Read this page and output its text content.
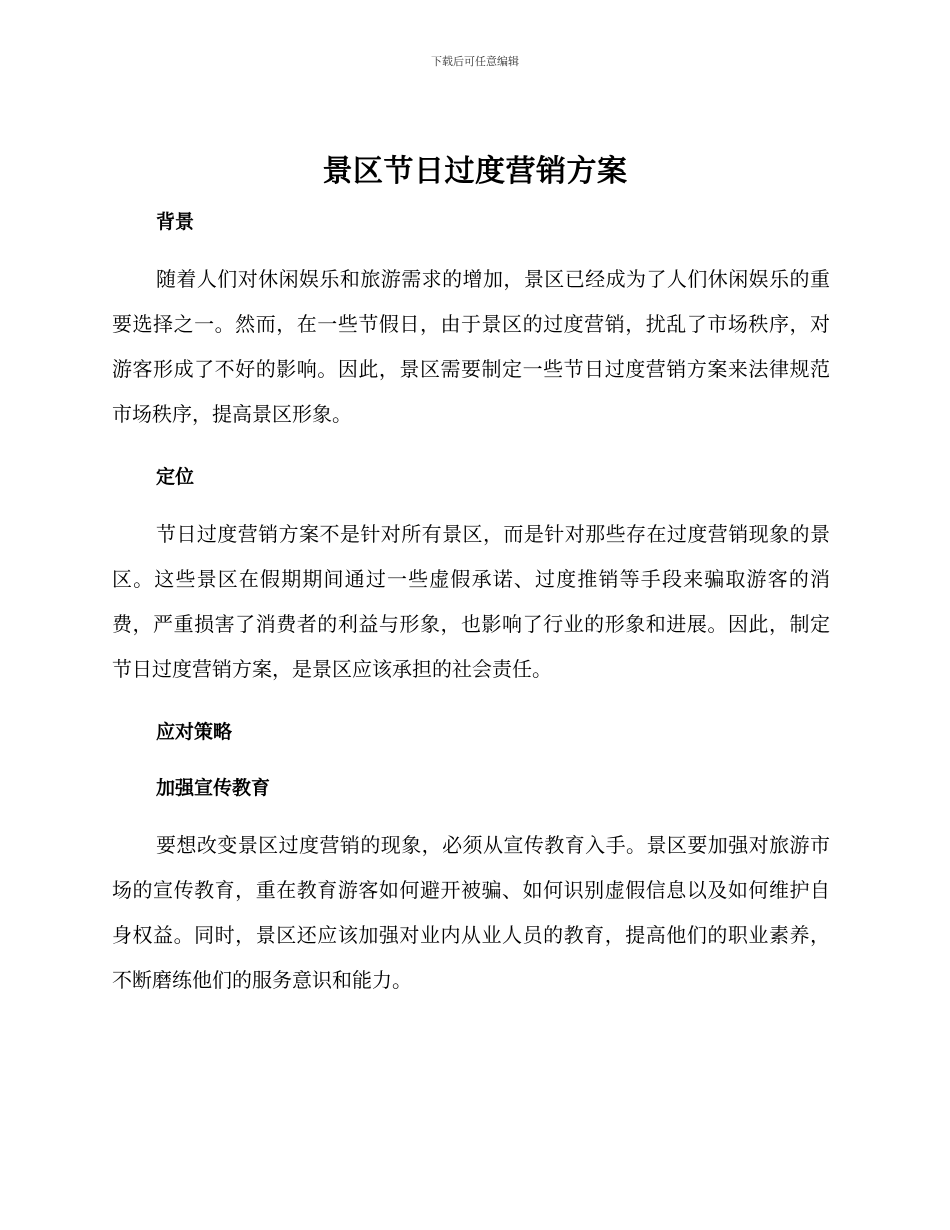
下载后可任意编辑
景区节日过度营销方案
背景

随着人们对休闲娱乐和旅游需求的增加，景区已经成为了人们休闲娱乐的重要选择之一。然而，在一些节假日，由于景区的过度营销，扰乱了市场秩序，对游客形成了不好的影响。因此，景区需要制定一些节日过度营销方案来法律规范市场秩序，提高景区形象。

定位

节日过度营销方案不是针对所有景区，而是针对那些存在过度营销现象的景区。这些景区在假期期间通过一些虚假承诺、过度推销等手段来骗取游客的消费，严重损害了消费者的利益与形象，也影响了行业的形象和进展。因此，制定节日过度营销方案，是景区应该承担的社会责任。

应对策略
加强宣传教育

要想改变景区过度营销的现象，必须从宣传教育入手。景区要加强对旅游市场的宣传教育，重在教育游客如何避开被骗、如何识别虚假信息以及如何维护自身权益。同时，景区还应该加强对业内从业人员的教育，提高他们的职业素养，不断磨练他们的服务意识和能力。
